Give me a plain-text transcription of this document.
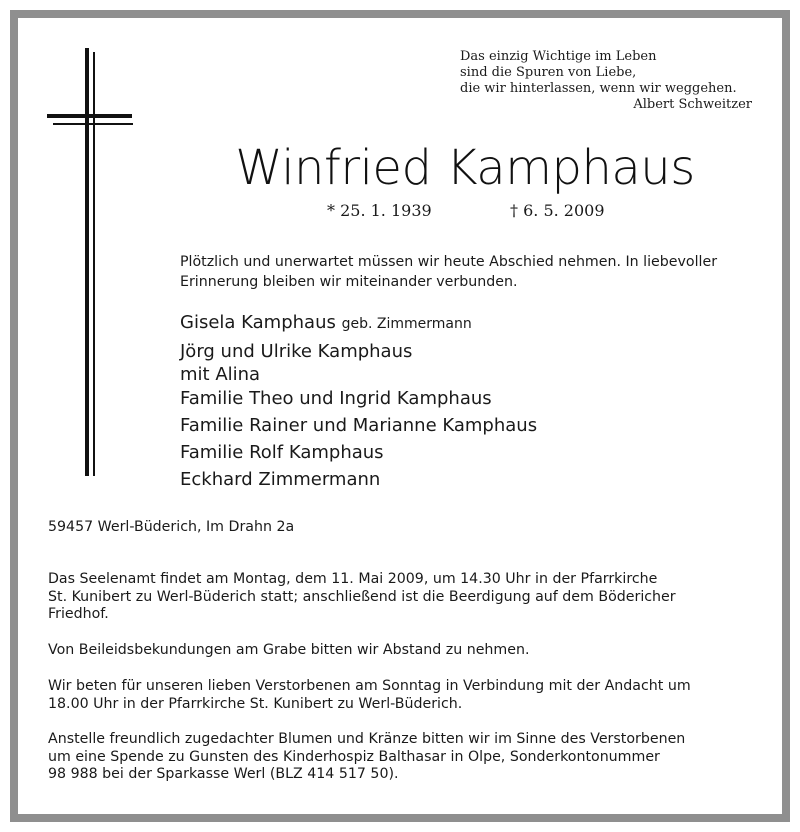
Das einzig Wichtige im Leben
sind die Spuren von Liebe,
die wir hinterlassen, wenn wir weggehen.
Albert Schweitzer
Winfried Kamphaus
* 25. 1. 1939	† 6. 5. 2009
Plötzlich und unerwartet müssen wir heute Abschied nehmen. In liebevoller
Erinnerung bleiben wir miteinander verbunden.
Gisela Kamphaus geb. Zimmermann
Jörg und Ulrike Kamphaus
mit Alina
Familie Theo und Ingrid Kamphaus
Familie Rainer und Marianne Kamphaus
Familie Rolf Kamphaus
Eckhard Zimmermann
59457 Werl-Büderich, Im Drahn 2a
Das Seelenamt findet am Montag, dem 11. Mai 2009, um 14.30 Uhr in der Pfarrkirche
St. Kunibert zu Werl-Büderich statt; anschließend ist die Beerdigung auf dem Bödericher
Friedhof.
Von Beileidsbekundungen am Grabe bitten wir Abstand zu nehmen.
Wir beten für unseren lieben Verstorbenen am Sonntag in Verbindung mit der Andacht um
18.00 Uhr in der Pfarrkirche St. Kunibert zu Werl-Büderich.
Anstelle freundlich zugedachter Blumen und Kränze bitten wir im Sinne des Verstorbenen
um eine Spende zu Gunsten des Kinderhospiz Balthasar in Olpe, Sonderkontonummer
98 988 bei der Sparkasse Werl (BLZ 414 517 50).
